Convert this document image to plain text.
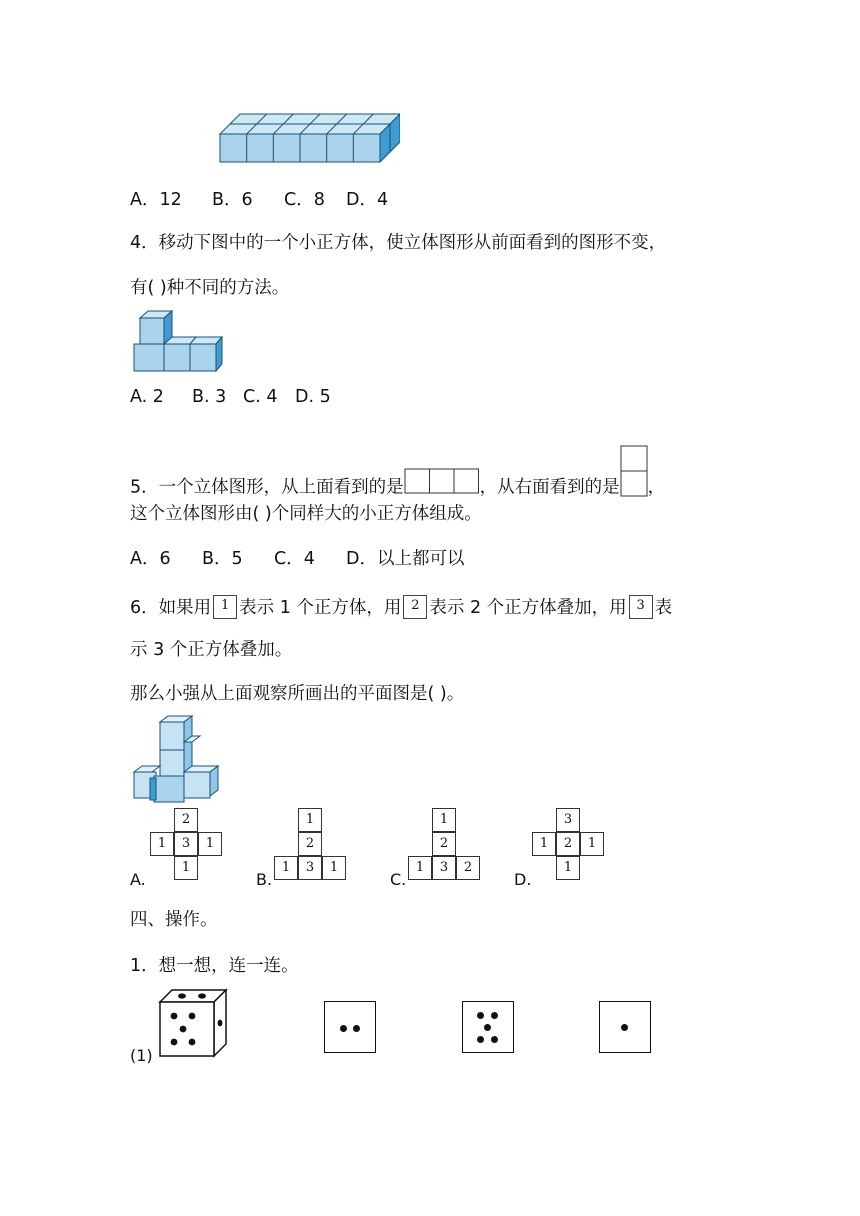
A．12 B．6 C．8 D．4
4．移动下图中的一个小正方体，使立体图形从前面看到的图形不变，
有( )种不同的方法。
A. 2 B. 3 C. 4 D. 5
5．一个立体图形，从上面看到的是	，从右面看到的是 ，
这个立体图形由( )个同样大的小正方体组成。
A．6 B．5 C．4 D．以上都可以
6．如果用 1 表示 1 个正方体，用 2 表示 2 个正方体叠加，用 3 表
示 3 个正方体叠加。
那么小强从上面观察所画出的平面图是( )。
A.
2
1	3	1
1
B.
1
2
1	3	1
C.
1
2
1	3	2
D.
3
1	2	1
1
四、操作。
1．想一想，连一连。
(1)
